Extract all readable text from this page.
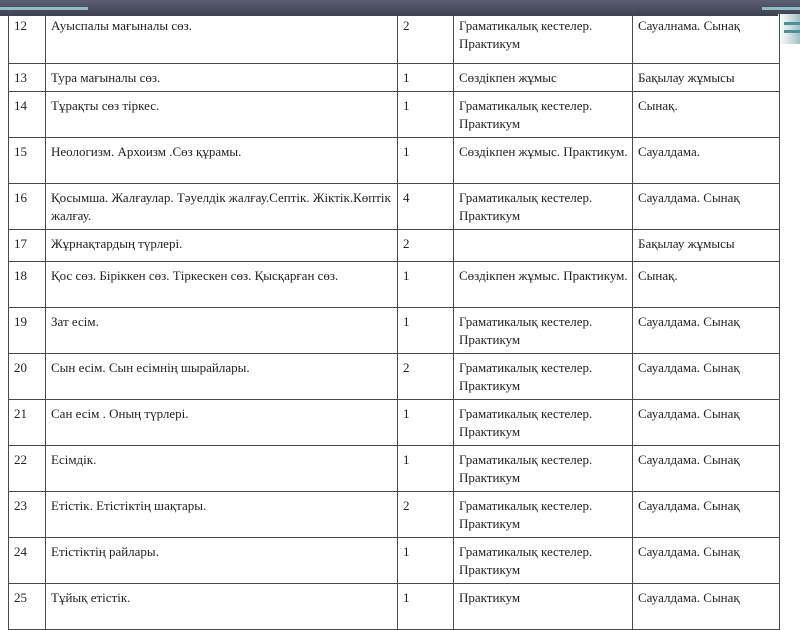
12	Ауыспалы мағыналы сөз.	2	Граматикалық кестелер. Практикум	Сауалнама. Сынақ
13	Тура мағыналы сөз.	1	Сөздікпен жұмыс	Бақылау жұмысы
14	Тұрақты сөз тіркес.	1	Граматикалық кестелер. Практикум	Сынақ.
15	Неологизм. Архоизм .Сөз құрамы.	1	Сөздікпен жұмыс. Практикум.	Сауалдама.
16	Қосымша. Жалғаулар. Тәуелдік жалғау.Септік. Жіктік.Көптік жалғау.	4	Граматикалық кестелер. Практикум	Сауалдама. Сынақ
17	Жұрнақтардың түрлері.	2		Бақылау жұмысы
18	Қос сөз. Біріккен сөз. Тіркескен сөз. Қысқарған сөз.	1	Сөздікпен жұмыс. Практикум.	Сынақ.
19	Зат есім.	1	Граматикалық кестелер. Практикум	Сауалдама. Сынақ
20	Сын есім. Сын есімнің шырайлары.	2	Граматикалық кестелер. Практикум	Сауалдама. Сынақ
21	Сан есім . Оның түрлері.	1	Граматикалық кестелер. Практикум	Сауалдама. Сынақ
22	Есімдік.	1	Граматикалық кестелер. Практикум	Сауалдама. Сынақ
23	Етістік. Етістіктің шақтары.	2	Граматикалық кестелер. Практикум	Сауалдама. Сынақ
24	Етістіктің райлары.	1	Граматикалық кестелер. Практикум	Сауалдама. Сынақ
25	Тұйық етістік.	1	Практикум	Сауалдама. Сынақ
